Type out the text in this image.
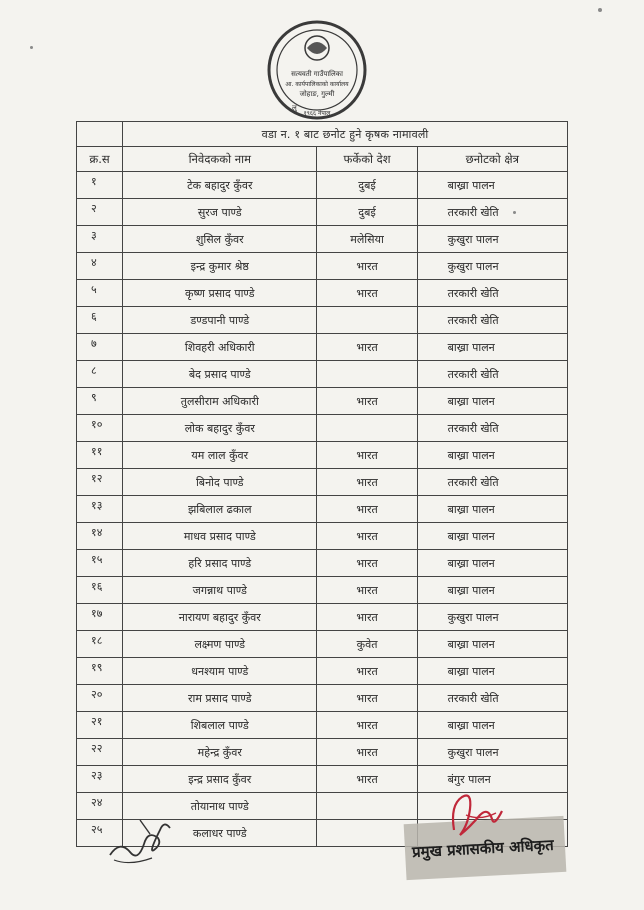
सत्यवती गाउँपालिका
आ. कार्यपालिकाको कार्यालय
जोहाङ, गुल्मी
लु
१९६६ नेपाल
	वडा न. १ बाट छनोट हुने कृषक नामावली		
क्र.स	निवेदकको नाम	फर्केको देश	छनोटको क्षेत्र
१	टेक बहादुर कुँवर	दुबई	बाख्रा पालन
२	सुरज पाण्डे	दुबई	तरकारी खेति
३	शुसिल कुँवर	मलेसिया	कुखुरा पालन
४	इन्द्र कुमार श्रेष्ठ	भारत	कुखुरा पालन
५	कृष्ण प्रसाद पाण्डे	भारत	तरकारी खेति
६	डण्डपानी पाण्डे		तरकारी खेति
७	शिवहरी अधिकारी	भारत	बाख्रा पालन
८	बेद प्रसाद पाण्डे		तरकारी खेति
९	तुलसीराम अधिकारी	भारत	बाख्रा पालन
१०	लोक बहादुर कुँवर		तरकारी खेति
११	यम लाल कुँवर	भारत	बाख्रा पालन
१२	बिनोद पाण्डे	भारत	तरकारी खेति
१३	झबिलाल ढकाल	भारत	बाख्रा पालन
१४	माधव प्रसाद पाण्डे	भारत	बाख्रा पालन
१५	हरि प्रसाद पाण्डे	भारत	बाख्रा पालन
१६	जगन्नाथ पाण्डे	भारत	बाख्रा पालन
१७	नारायण बहादुर कुँवर	भारत	कुखुरा पालन
१८	लक्ष्मण पाण्डे	कुवेत	बाख्रा पालन
१९	धनश्याम पाण्डे	भारत	बाख्रा पालन
२०	राम प्रसाद पाण्डे	भारत	तरकारी खेति
२१	शिबलाल पाण्डे	भारत	बाख्रा पालन
२२	महेन्द्र कुँवर	भारत	कुखुरा पालन
२३	इन्द्र प्रसाद कुँवर	भारत	बंगुर पालन
२४	तोयानाथ पाण्डे		
२५	कलाधर पाण्डे		
प्रमुख प्रशासकीय अधिकृत
